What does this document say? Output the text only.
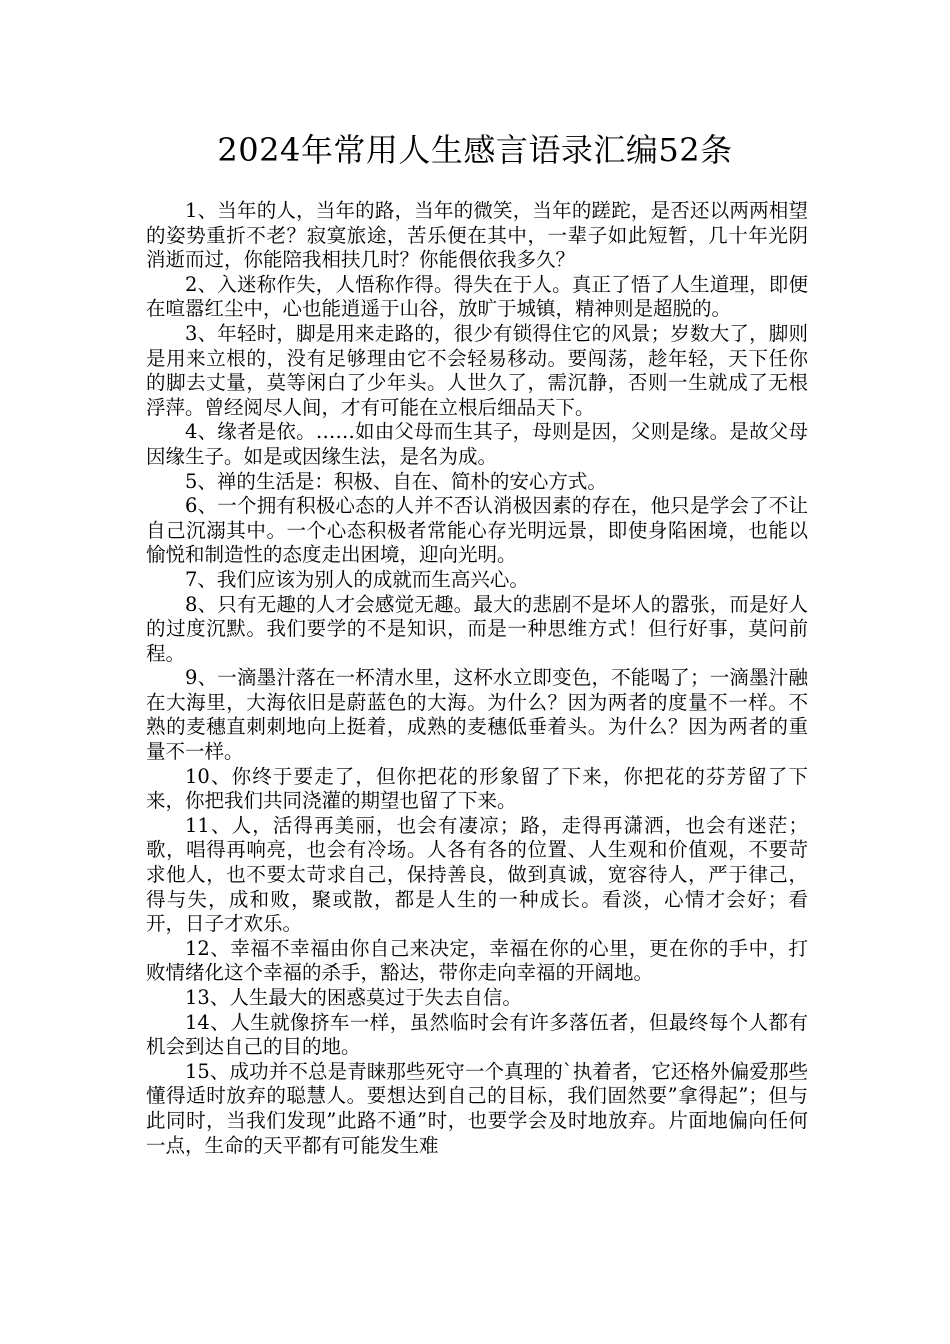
2024年常用人生感言语录汇编52条

1、当年的人，当年的路，当年的微笑，当年的蹉跎，是否还以两两相望的姿势重折不老？寂寞旅途，苦乐便在其中，一辈子如此短暂，几十年光阴消逝而过，你能陪我相扶几时？你能偎依我多久？

2、入迷称作失，人悟称作得。得失在于人。真正了悟了人生道理，即便在喧嚣红尘中，心也能逍遥于山谷，放旷于城镇，精神则是超脱的。

3、年轻时，脚是用来走路的，很少有锁得住它的风景；岁数大了，脚则是用来立根的，没有足够理由它不会轻易移动。要闯荡，趁年轻，天下任你的脚去丈量，莫等闲白了少年头。人世久了，需沉静，否则一生就成了无根浮萍。曾经阅尽人间，才有可能在立根后细品天下。

4、缘者是依。……如由父母而生其子，母则是因，父则是缘。是故父母因缘生子。如是或因缘生法，是名为成。

5、禅的生活是：积极、自在、简朴的安心方式。

6、一个拥有积极心态的人并不否认消极因素的存在，他只是学会了不让自己沉溺其中。一个心态积极者常能心存光明远景，即使身陷困境，也能以愉悦和制造性的态度走出困境，迎向光明。

7、我们应该为别人的成就而生高兴心。

8、只有无趣的人才会感觉无趣。最大的悲剧不是坏人的嚣张，而是好人的过度沉默。我们要学的不是知识，而是一种思维方式！但行好事，莫问前程。

9、一滴墨汁落在一杯清水里，这杯水立即变色，不能喝了；一滴墨汁融在大海里，大海依旧是蔚蓝色的大海。为什么？因为两者的度量不一样。不熟的麦穗直刺刺地向上挺着，成熟的麦穗低垂着头。为什么？因为两者的重量不一样。

10、你终于要走了，但你把花的形象留了下来，你把花的芬芳留了下来，你把我们共同浇灌的期望也留了下来。

11、人，活得再美丽，也会有凄凉；路，走得再潇洒，也会有迷茫；歌，唱得再响亮，也会有冷场。人各有各的位置、人生观和价值观，不要苛求他人，也不要太苛求自己，保持善良，做到真诚，宽容待人，严于律己，得与失，成和败，聚或散，都是人生的一种成长。看淡，心情才会好；看开，日子才欢乐。

12、幸福不幸福由你自己来决定，幸福在你的心里，更在你的手中，打败情绪化这个幸福的杀手，豁达，带你走向幸福的开阔地。

13、人生最大的困惑莫过于失去自信。

14、人生就像挤车一样，虽然临时会有许多落伍者，但最终每个人都有机会到达自己的目的地。

15、成功并不总是青睐那些死守一个真理的`执着者，它还格外偏爱那些懂得适时放弃的聪慧人。要想达到自己的目标，我们固然要”拿得起”；但与此同时，当我们发现”此路不通”时，也要学会及时地放弃。片面地偏向任何一点，生命的天平都有可能发生难
